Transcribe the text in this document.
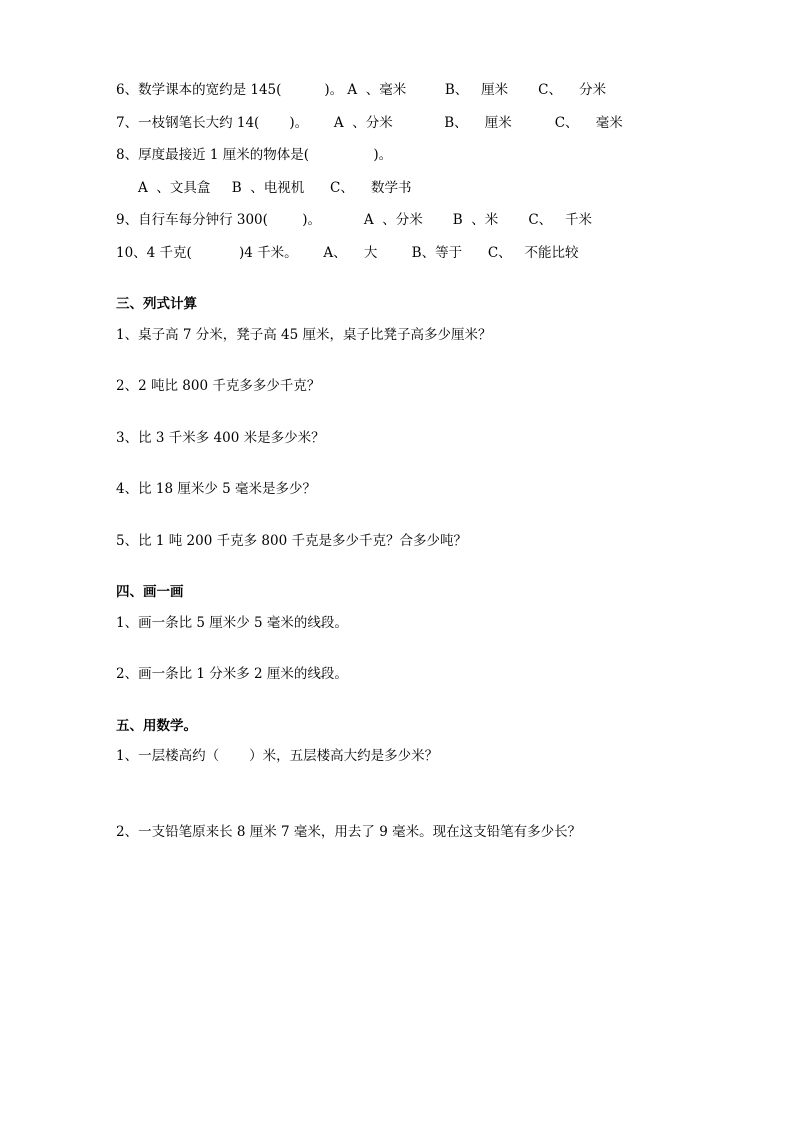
6、数学课本的宽约是 145(          )。 A  、毫米         B、   厘米       C、    分米
7、一枝钢笔长大约 14(       )。      A  、分米            B、    厘米          C、    毫米
8、厚度最接近 1 厘米的物体是(               )。
A  、文具盒     B  、电视机      C、    数学书
9、自行车每分钟行 300(        )。          A  、分米       B  、米       C、   千米
10、4 千克(           )4 千米。      A、    大        B、等于      C、   不能比较
三、列式计算
1、桌子高 7 分米，凳子高 45 厘米，桌子比凳子高多少厘米？
2、2 吨比 800 千克多多少千克？
3、比 3 千米多 400 米是多少米？
4、比 18 厘米少 5 毫米是多少？
5、比 1 吨 200 千克多 800 千克是多少千克？合多少吨？
四、画一画
1、画一条比 5 厘米少 5 毫米的线段。
2、画一条比 1 分米多 2 厘米的线段。
五、用数学。
1、一层楼高约（       ）米，五层楼高大约是多少米？
2、一支铅笔原来长 8 厘米 7 毫米，用去了 9 毫米。现在这支铅笔有多少长？
